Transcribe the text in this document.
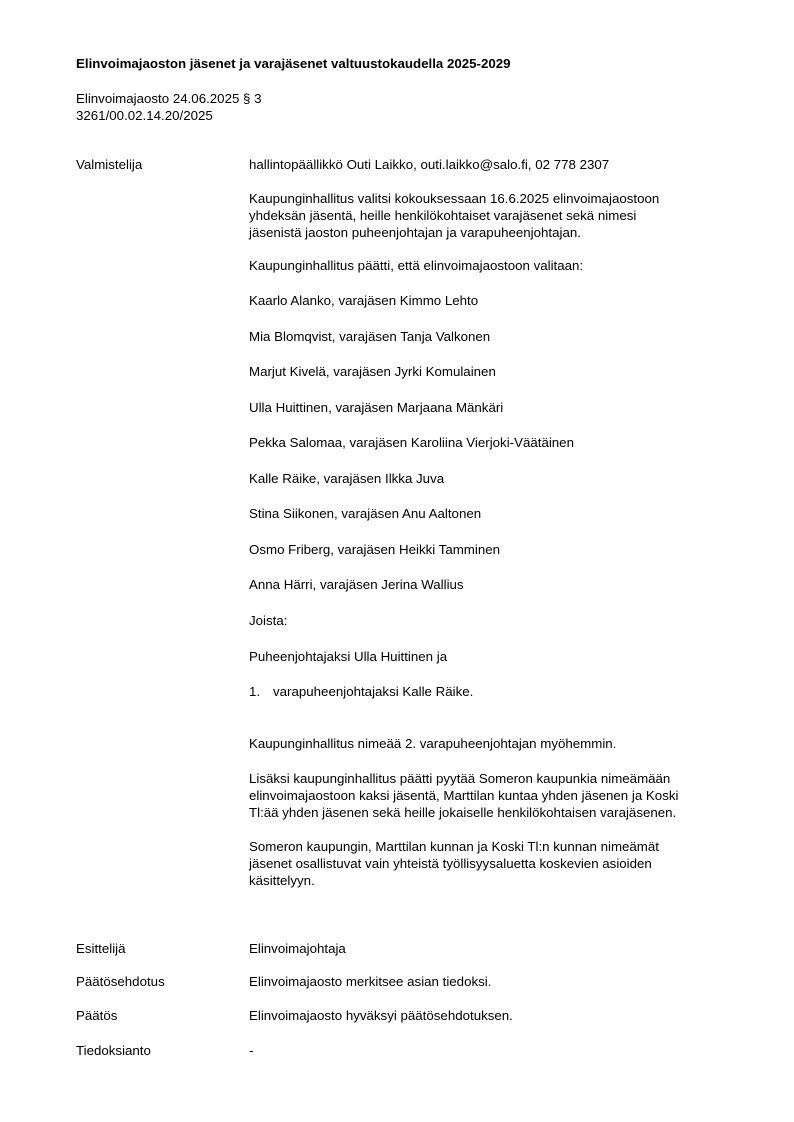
Elinvoimajaoston jäsenet ja varajäsenet valtuustokaudella 2025-2029
Elinvoimajaosto 24.06.2025 § 3
3261/00.02.14.20/2025
Valmistelija	hallintopäällikkö Outi Laikko, outi.laikko@salo.fi, 02 778 2307
Kaupunginhallitus valitsi kokouksessaan 16.6.2025 elinvoimajaostoon
yhdeksän jäsentä, heille henkilökohtaiset varajäsenet sekä nimesi
jäsenistä jaoston puheenjohtajan ja varapuheenjohtajan.
Kaupunginhallitus päätti, että elinvoimajaostoon valitaan:
Kaarlo Alanko, varajäsen Kimmo Lehto
Mia Blomqvist, varajäsen Tanja Valkonen
Marjut Kivelä, varajäsen Jyrki Komulainen
Ulla Huittinen, varajäsen Marjaana Mänkäri
Pekka Salomaa, varajäsen Karoliina Vierjoki-Väätäinen
Kalle Räike, varajäsen Ilkka Juva
Stina Siikonen, varajäsen Anu Aaltonen
Osmo Friberg, varajäsen Heikki Tamminen
Anna Härri, varajäsen Jerina Wallius
Joista:
Puheenjohtajaksi Ulla Huittinen ja
1. varapuheenjohtajaksi Kalle Räike.
Kaupunginhallitus nimeää 2. varapuheenjohtajan myöhemmin.
Lisäksi kaupunginhallitus päätti pyytää Someron kaupunkia nimeämään
elinvoimajaostoon kaksi jäsentä, Marttilan kuntaa yhden jäsenen ja Koski
Tl:ää yhden jäsenen sekä heille jokaiselle henkilökohtaisen varajäsenen.
Someron kaupungin, Marttilan kunnan ja Koski Tl:n kunnan nimeämät
jäsenet osallistuvat vain yhteistä työllisyysaluetta koskevien asioiden
käsittelyyn.
Esittelijä	Elinvoimajohtaja
Päätösehdotus	Elinvoimajaosto merkitsee asian tiedoksi.
Päätös	Elinvoimajaosto hyväksyi päätösehdotuksen.
Tiedoksianto	-
